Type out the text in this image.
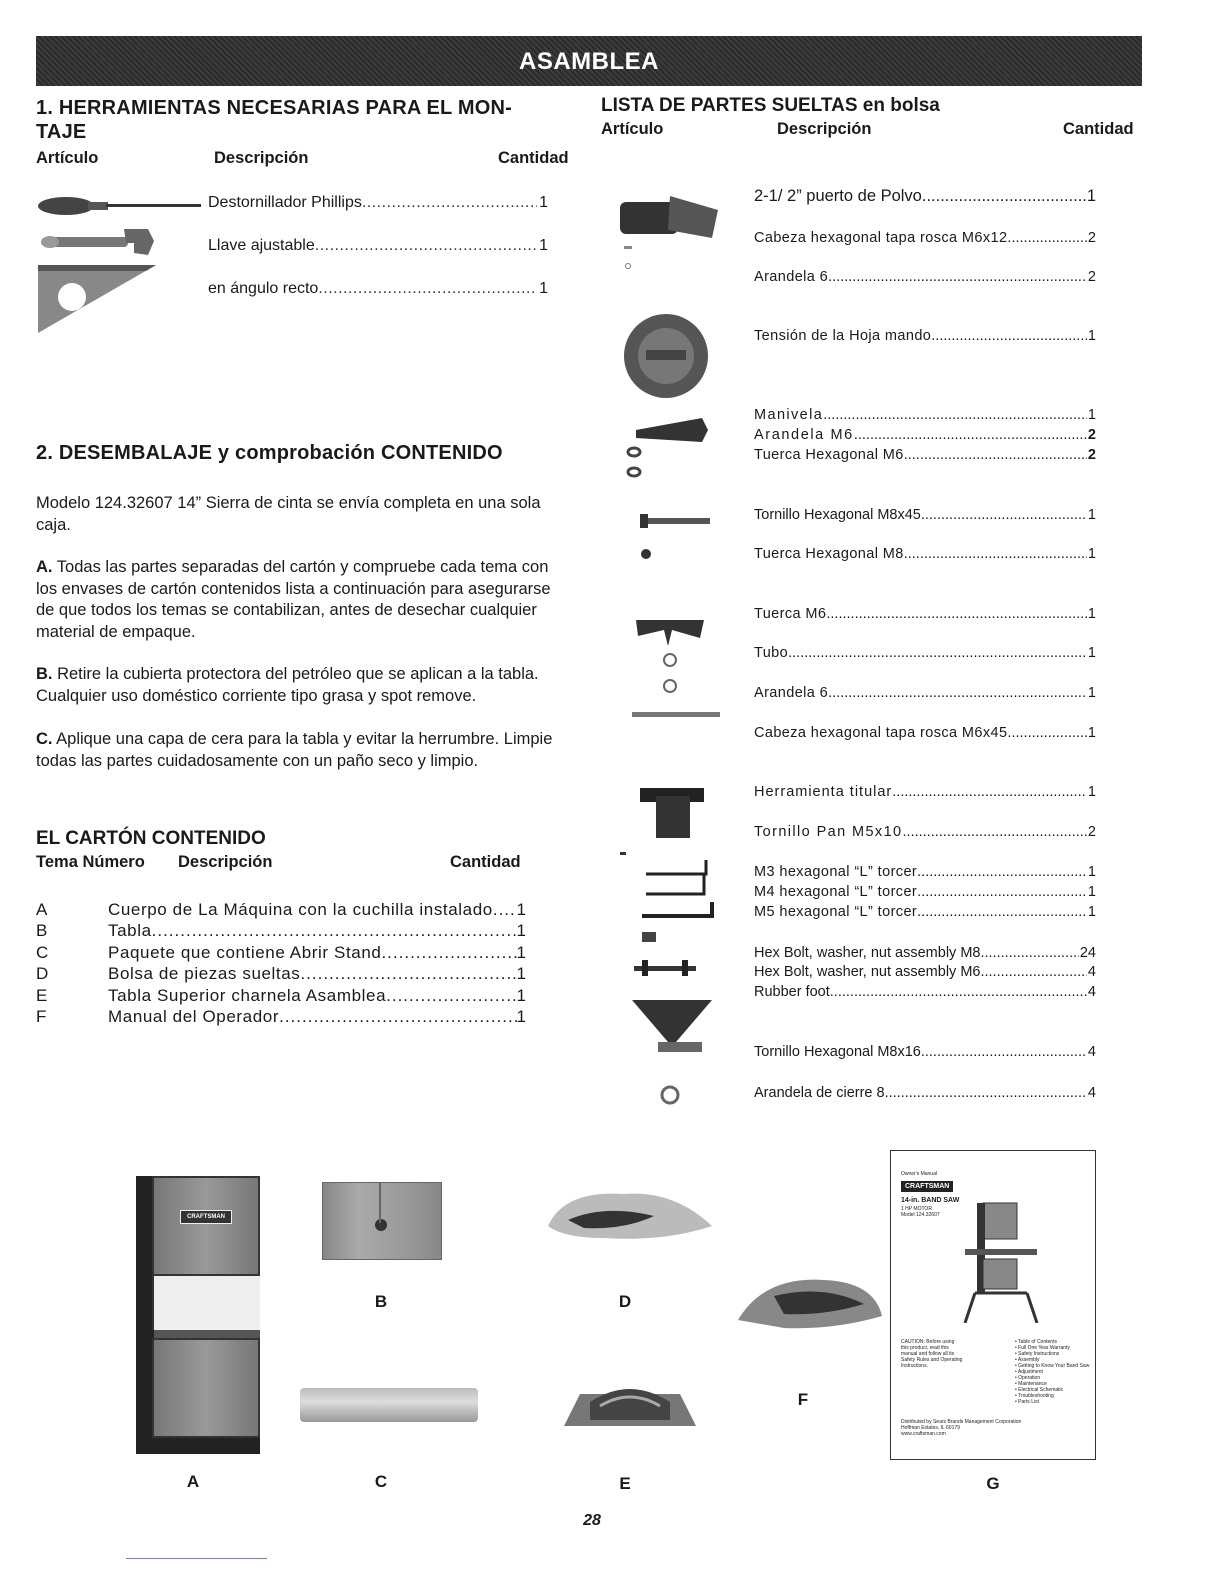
ASAMBLEA
1. HERRAMIENTAS NECESARIAS PARA EL MON-
TAJE
Artículo	Descripción	Cantidad
Destornillador Phillips .....	1
Llave ajustable .....	1
en ángulo recto .....	1
2. DESEMBALAJE y comprobación CONTENIDO
Modelo 124.32607 14” Sierra de cinta se envía completa en una sola caja.
A. Todas las partes separadas del cartón y compruebe cada tema con los envases de cartón contenidos lista a continuación para asegurarse de que todos los temas se contabilizan, antes de desechar cualquier material de empaque.
B. Retire la cubierta protectora del petróleo que se aplican a la tabla. Cualquier uso doméstico corriente tipo grasa y spot remove.
C. Aplique una capa de cera para la tabla y evitar la herrumbre. Limpie todas las partes cuidadosamente con un paño seco y limpio.
EL CARTÓN CONTENIDO
Tema Número Descripción	Cantidad
A	Cuerpo de La Máquina con la cuchilla instalado ..... 1
B	Tabla .....	1
C	Paquete que contiene Abrir Stand .....	1
D	Bolsa de piezas sueltas .....	1
E	Tabla Superior charnela Asamblea .....	1
F	Manual del Operador .....	1
LISTA DE PARTES SUELTAS en bolsa
Artículo	Descripción	Cantidad
2-1/ 2” puerto de Polvo .....	1
Cabeza hexagonal tapa rosca M6x12 .....	2
Arandela 6 .....	2
Tensión de la Hoja mando .....	1
Manivela .....	1
Arandela M6 .....	2
Tuerca Hexagonal M6 .....	2
Tornillo Hexagonal M8x45 .....	1
Tuerca Hexagonal M8 .....	1
Tuerca M6 .....	1
Tubo .....	1
Arandela 6 .....	1
Cabeza hexagonal tapa rosca M6x45 .....	1
Herramienta titular .....	1
Tornillo Pan M5x10 .....	2
M3 hexagonal “L” torcer .....	1
M4 hexagonal “L” torcer .....	1
M5 hexagonal “L” torcer .....	1
Hex Bolt, washer, nut assembly M8 .....	24
Hex Bolt, washer, nut assembly M6 .....	4
Rubber foot .....	4
Tornillo Hexagonal M8x16 .....	4
Arandela de cierre 8 .....	4
CRAFTSMAN
Owner's Manual
CRAFTSMAN
14-in. BAND SAW
1 HP MOTOR
Model 124.32607
CAUTION: Before using this product, read this manual and follow all its Safety Rules and Operating Instructions.
• Table of Contents
• Full One Year Warranty
• Safety Instructions
• Assembly
• Getting to Know Your Band Saw
• Adjustment
• Operation
• Maintenance
• Electrical Schematic
• Troubleshooting
• Parts List
Distributed by Sears Brands Management Corporation Hoffman Estates, IL 60179
www.craftsman.com
A
B
C
D
E
F
G
28
